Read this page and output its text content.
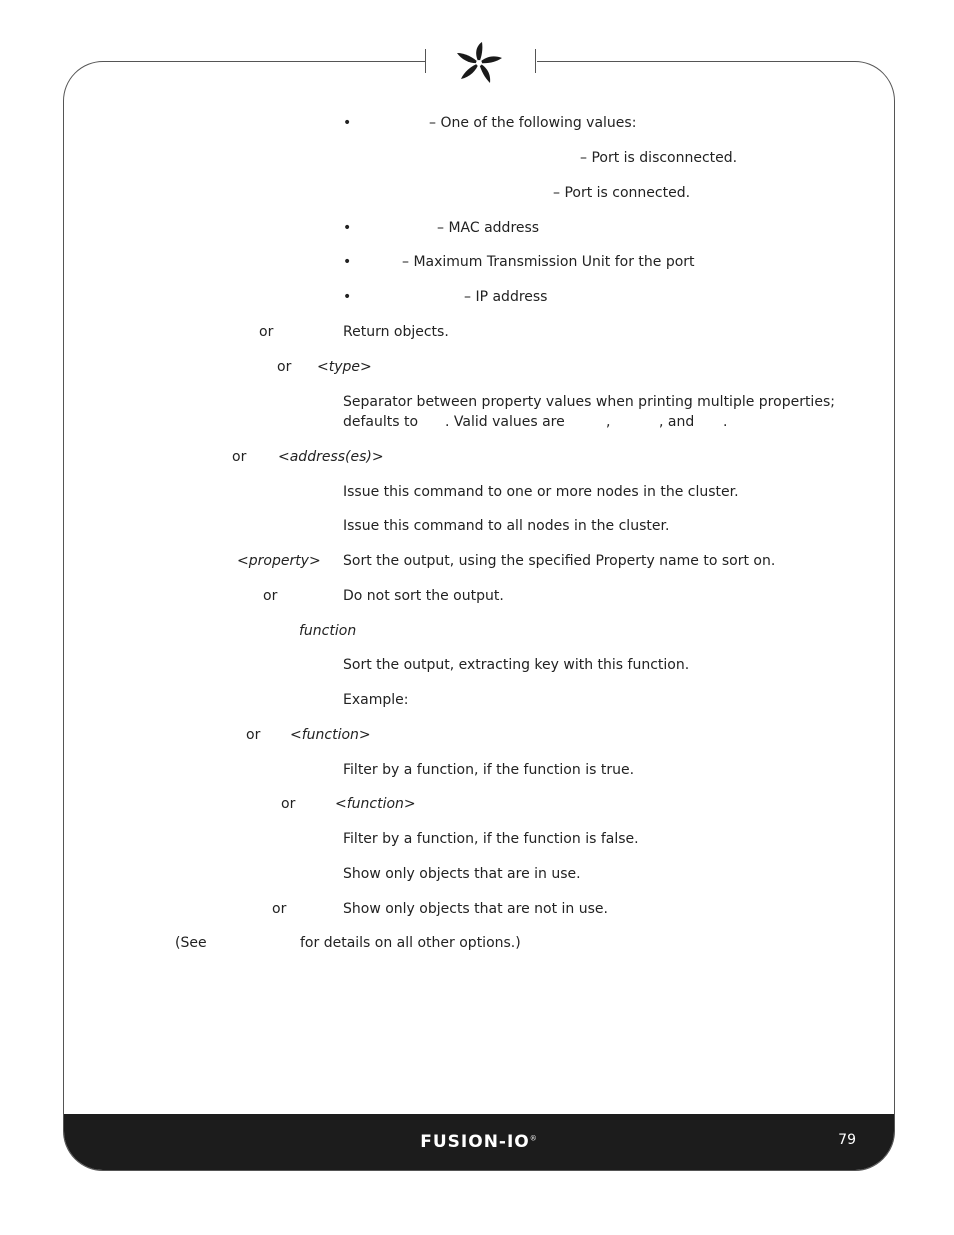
FUSION-IO®	79
•	– One of the following values:
– Port is disconnected.
– Port is connected.
•	– MAC address
•	– Maximum Transmission Unit for the port
•	– IP address
or	Return objects.
or <type>
Separator between property values when printing multiple properties;
defaults to . Valid values are	,	, and .
or <address(es)>
Issue this command to one or more nodes in the cluster.
Issue this command to all nodes in the cluster.
<property> Sort the output, using the specified Property name to sort on.
or	Do not sort the output.
function
Sort the output, extracting key with this function.
Example:
or <function>
Filter by a function, if the function is true.
or	<function>
Filter by a function, if the function is false.
Show only objects that are in use.
or	Show only objects that are not in use.
(See	for details on all other options.)
